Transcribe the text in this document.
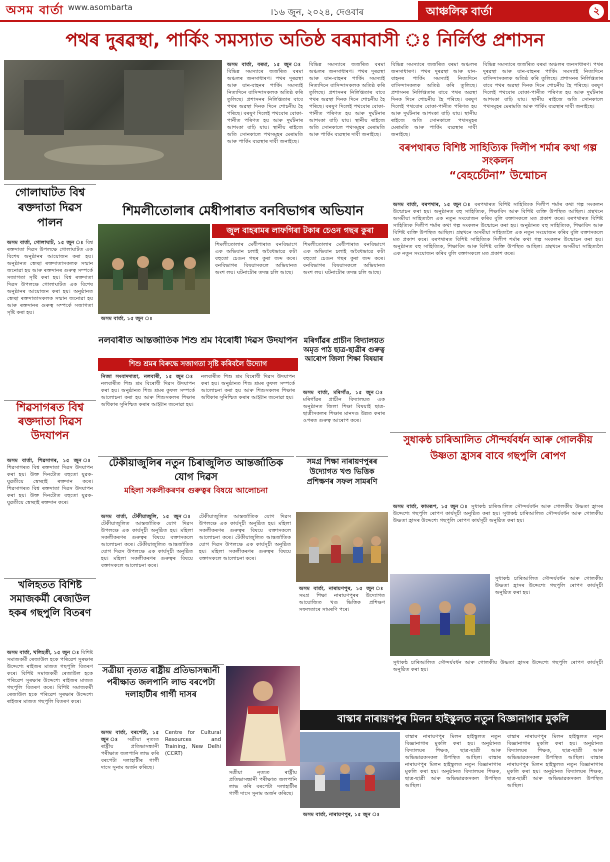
অসম বাৰ্তা www.asombarta
।১৬ জুন, ২০২৪, দেওবাৰ	আঞ্চলিক বাৰ্তা	২
পথৰ দুৰৱস্থা, পাৰ্কিং সমস্যাত অতিষ্ঠ বৰমাবাসী ঃ নিৰ্লিপ্ত প্ৰশাসন
অসম বাৰ্তা, বৰমা, ১৫ জুন ঃ বিভিন্ন সমস্যাৰে জৰ্জৰিত বৰমা অঞ্চলৰ জনসাধাৰণ। পথৰ দুৰৱস্থা আৰু যান-বাহনৰ পাৰ্কিং সমস্যাই নিত্যদিনে বাসিন্দাসকলক অতিষ্ঠ কৰি তুলিছে। প্ৰশাসনৰ নিৰ্লিপ্ততাৰ বাবে পথৰ অৱস্থা দিনক দিনে শোচনীয় হৈ পৰিছে। বৰষুণ দিলেই পথবোৰ বোকা-পানীত পৰিণত হয় আৰু দুৰ্ঘটনাৰ আশংকা বাঢ়ি যায়। স্থানীয় ৰাইজে অতি সোনকালে পথসমূহৰ মেৰামতি আৰু পাৰ্কিং ব্যৱস্থাৰ দাবী জনাইছে।
বিভিন্ন সমস্যাৰে জৰ্জৰিত বৰমা অঞ্চলৰ জনসাধাৰণ। পথৰ দুৰৱস্থা আৰু যান-বাহনৰ পাৰ্কিং সমস্যাই নিত্যদিনে বাসিন্দাসকলক অতিষ্ঠ কৰি তুলিছে। প্ৰশাসনৰ নিৰ্লিপ্ততাৰ বাবে পথৰ অৱস্থা দিনক দিনে শোচনীয় হৈ পৰিছে। বৰষুণ দিলেই পথবোৰ বোকা-পানীত পৰিণত হয় আৰু দুৰ্ঘটনাৰ আশংকা বাঢ়ি যায়। স্থানীয় ৰাইজে অতি সোনকালে পথসমূহৰ মেৰামতি আৰু পাৰ্কিং ব্যৱস্থাৰ দাবী জনাইছে।
বিভিন্ন সমস্যাৰে জৰ্জৰিত বৰমা অঞ্চলৰ জনসাধাৰণ। পথৰ দুৰৱস্থা আৰু যান-বাহনৰ পাৰ্কিং সমস্যাই নিত্যদিনে বাসিন্দাসকলক অতিষ্ঠ কৰি তুলিছে। প্ৰশাসনৰ নিৰ্লিপ্ততাৰ বাবে পথৰ অৱস্থা দিনক দিনে শোচনীয় হৈ পৰিছে। বৰষুণ দিলেই পথবোৰ বোকা-পানীত পৰিণত হয় আৰু দুৰ্ঘটনাৰ আশংকা বাঢ়ি যায়। স্থানীয় ৰাইজে অতি সোনকালে পথসমূহৰ মেৰামতি আৰু পাৰ্কিং ব্যৱস্থাৰ দাবী জনাইছে।
বিভিন্ন সমস্যাৰে জৰ্জৰিত বৰমা অঞ্চলৰ জনসাধাৰণ। পথৰ দুৰৱস্থা আৰু যান-বাহনৰ পাৰ্কিং সমস্যাই নিত্যদিনে বাসিন্দাসকলক অতিষ্ঠ কৰি তুলিছে। প্ৰশাসনৰ নিৰ্লিপ্ততাৰ বাবে পথৰ অৱস্থা দিনক দিনে শোচনীয় হৈ পৰিছে। বৰষুণ দিলেই পথবোৰ বোকা-পানীত পৰিণত হয় আৰু দুৰ্ঘটনাৰ আশংকা বাঢ়ি যায়। স্থানীয় ৰাইজে অতি সোনকালে পথসমূহৰ মেৰামতি আৰু পাৰ্কিং ব্যৱস্থাৰ দাবী জনাইছে।
বৰপথাৰত বিশিষ্ট সাহিত্যিক দিলীপ শৰ্মাৰ কথা গল্প সংকলন
“বেহৰ্চেটনা” উন্মোচন
অসম বাৰ্তা, বৰপথাৰ, ১৫ জুন ঃ বৰপথাৰত বিশিষ্ট সাহিত্যিক দিলীপ শৰ্মাৰ কথা গল্প সংকলন উন্মোচন কৰা হয়। অনুষ্ঠানত বহু সাহিত্যিক, শিক্ষাবিদ আৰু বিশিষ্ট ব্যক্তি উপস্থিত আছিল। গ্ৰন্থখনে অসমীয়া সাহিত্যলৈ এক নতুন সংযোজন কৰিব বুলি বক্তাসকলে মত প্ৰকাশ কৰে। বৰপথাৰত বিশিষ্ট সাহিত্যিক দিলীপ শৰ্মাৰ কথা গল্প সংকলন উন্মোচন কৰা হয়। অনুষ্ঠানত বহু সাহিত্যিক, শিক্ষাবিদ আৰু বিশিষ্ট ব্যক্তি উপস্থিত আছিল। গ্ৰন্থখনে অসমীয়া সাহিত্যলৈ এক নতুন সংযোজন কৰিব বুলি বক্তাসকলে মত প্ৰকাশ কৰে। বৰপথাৰত বিশিষ্ট সাহিত্যিক দিলীপ শৰ্মাৰ কথা গল্প সংকলন উন্মোচন কৰা হয়। অনুষ্ঠানত বহু সাহিত্যিক, শিক্ষাবিদ আৰু বিশিষ্ট ব্যক্তি উপস্থিত আছিল। গ্ৰন্থখনে অসমীয়া সাহিত্যলৈ এক নতুন সংযোজন কৰিব বুলি বক্তাসকলে মত প্ৰকাশ কৰে।
গোলাঘাটত বিশ্ব ৰক্তদাতা দিৱস পালন
অসম বাৰ্তা, গোলাঘাট, ১৫ জুন ঃ বিশ্ব ৰক্তদাতা দিৱস উপলক্ষে গোলাঘাটত এক বিশেষ অনুষ্ঠানৰ আয়োজন কৰা হয়। অনুষ্ঠানত স্বেচ্ছা ৰক্তদাতাসকলক সন্মান জনোৱা হয় আৰু ৰক্তদানৰ গুৰুত্ব সম্পৰ্কে সজাগতা সৃষ্টি কৰা হয়। বিশ্ব ৰক্তদাতা দিৱস উপলক্ষে গোলাঘাটত এক বিশেষ অনুষ্ঠানৰ আয়োজন কৰা হয়। অনুষ্ঠানত স্বেচ্ছা ৰক্তদাতাসকলক সন্মান জনোৱা হয় আৰু ৰক্তদানৰ গুৰুত্ব সম্পৰ্কে সজাগতা সৃষ্টি কৰা হয়।
শিমলীতোলাৰ মেধীপাৰাত বনবিভাগৰ অভিযান
জুল বাহৰামৰ লাফগিৰা টকাৰ চেওন গছৰ কুৰা
অসম বাৰ্তা, ১৫ জুন ঃ
শিমলীতোলাৰ মেধীপাৰাত বনবিভাগে এক অভিযান চলাই অবৈধভাৱে কটা বহুতো চেগুন গছৰ কুৰা জব্দ কৰে। বনবিভাগৰ বিষয়াসকলে অভিযানত অংশ লয়। ঘটনাটোৰ তদন্ত চলি আছে।
শিমলীতোলাৰ মেধীপাৰাত বনবিভাগে এক অভিযান চলাই অবৈধভাৱে কটা বহুতো চেগুন গছৰ কুৰা জব্দ কৰে। বনবিভাগৰ বিষয়াসকলে অভিযানত অংশ লয়। ঘটনাটোৰ তদন্ত চলি আছে।
নলবাৰীত আন্তৰ্জাতিক শিশু শ্ৰম বিৰোধী দিৱস উদযাপন
শিশু শ্ৰমৰ বিৰুদ্ধে সজাগতা সৃষ্টি কৰিবলৈ উদ্যোগ
নিজা সংবাদদাতা, নলবাৰী, ১৫ জুন ঃ নলবাৰীত শিশু শ্ৰম বিৰোধী দিৱস উদযাপন কৰা হয়। অনুষ্ঠানত শিশু শ্ৰমৰ কুফল সম্পৰ্কে আলোচনা কৰা হয় আৰু শিশুসকলৰ শিক্ষাৰ অধিকাৰ সুনিশ্চিত কৰাৰ আহ্বান জনোৱা হয়।
নলবাৰীত শিশু শ্ৰম বিৰোধী দিৱস উদযাপন কৰা হয়। অনুষ্ঠানত শিশু শ্ৰমৰ কুফল সম্পৰ্কে আলোচনা কৰা হয় আৰু শিশুসকলৰ শিক্ষাৰ অধিকাৰ সুনিশ্চিত কৰাৰ আহ্বান জনোৱা হয়।
মৰিগাঁৱৰ প্ৰাচীন বিদ্যালয়ত
অমৃত পাঠ ছাত্ৰ-ছাত্ৰীৰ গুৰুত্ব আৰোপ জিলা শিক্ষা বিষয়াৰ
অসম বাৰ্তা, মৰিগাঁও, ১৫ জুন ঃ মৰিগাঁৱৰ প্ৰাচীন বিদ্যালয়ত এক অনুষ্ঠানত জিলা শিক্ষা বিষয়াই ছাত্ৰ-ছাত্ৰীসকলৰ শিক্ষাৰ মানদণ্ড উন্নত কৰাৰ ওপৰত গুৰুত্ব আৰোপ কৰে।
সুধাকন্ঠ চাৰিআলিত সৌন্দৰ্যবৰ্ধন আৰু গোলকীয় উষ্ণতা হ্ৰাসৰ বাবে গছপুলি ৰোপণ
অসম বাৰ্তা, কামৰূপ, ১৫ জুন ঃ সুধাকন্ঠ চাৰিআলিত সৌন্দৰ্যবৰ্ধন আৰু গোলকীয় উষ্ণতা হ্ৰাসৰ উদ্দেশ্যে গছপুলি ৰোপণ কাৰ্যসূচী অনুষ্ঠিত কৰা হয়। সুধাকন্ঠ চাৰিআলিত সৌন্দৰ্যবৰ্ধন আৰু গোলকীয় উষ্ণতা হ্ৰাসৰ উদ্দেশ্যে গছপুলি ৰোপণ কাৰ্যসূচী অনুষ্ঠিত কৰা হয়।
সুধাকন্ঠ চাৰিআলিত সৌন্দৰ্যবৰ্ধন আৰু গোলকীয় উষ্ণতা হ্ৰাসৰ উদ্দেশ্যে গছপুলি ৰোপণ কাৰ্যসূচী অনুষ্ঠিত কৰা হয়।
শিৱসাগৰত বিশ্ব ৰক্তদাতা দিৱস উদযাপন
অসম বাৰ্তা, শিৱসাগৰ, ১৫ জুন ঃ শিৱসাগৰত বিশ্ব ৰক্তদাতা দিৱস উদযাপন কৰা হয়। উক্ত দিনটোত বহুতো যুৱক-যুৱতীয়ে স্বেচ্ছাই ৰক্তদান কৰে। শিৱসাগৰত বিশ্ব ৰক্তদাতা দিৱস উদযাপন কৰা হয়। উক্ত দিনটোত বহুতো যুৱক-যুৱতীয়ে স্বেচ্ছাই ৰক্তদান কৰে।
টেকীয়াজুলিৰ নতুন চিৰাজুলিত আন্তৰ্জাতিক যোগ দিৱস
মহিলা সকলীকৰণৰ গুৰুত্বৰ বিষয়ে আলোচনা
অসম বাৰ্তা, টেকীয়াজুলি, ১৫ জুন ঃ টেকীয়াজুলিত আন্তৰ্জাতিক যোগ দিৱস উপলক্ষে এক কাৰ্যসূচী অনুষ্ঠিত হয়। মহিলা সকলীকৰণৰ গুৰুত্বৰ বিষয়ে বক্তাসকলে আলোচনা কৰে। টেকীয়াজুলিত আন্তৰ্জাতিক যোগ দিৱস উপলক্ষে এক কাৰ্যসূচী অনুষ্ঠিত হয়। মহিলা সকলীকৰণৰ গুৰুত্বৰ বিষয়ে বক্তাসকলে আলোচনা কৰে।
টেকীয়াজুলিত আন্তৰ্জাতিক যোগ দিৱস উপলক্ষে এক কাৰ্যসূচী অনুষ্ঠিত হয়। মহিলা সকলীকৰণৰ গুৰুত্বৰ বিষয়ে বক্তাসকলে আলোচনা কৰে। টেকীয়াজুলিত আন্তৰ্জাতিক যোগ দিৱস উপলক্ষে এক কাৰ্যসূচী অনুষ্ঠিত হয়। মহিলা সকলীকৰণৰ গুৰুত্বৰ বিষয়ে বক্তাসকলে আলোচনা কৰে।
সমগ্ৰ শিক্ষা নাৰায়ণপুৰৰ উদ্যোগত খণ্ড ভিত্তিক প্ৰশিক্ষণৰ সফল সামৰণি
অসম বাৰ্তা, নাৰায়ণপুৰ, ১৫ জুন ঃ সমগ্ৰ শিক্ষা নাৰায়ণপুৰৰ উদ্যোগত আয়োজিত খণ্ড ভিত্তিক প্ৰশিক্ষণ সফলতাৰে সামৰণি পৰে।
খলিহতত বিশিষ্ট সমাজকৰ্মী ৰেজাউল হকৰ গছপুলি বিতৰণ
অসম বাৰ্তা, খলিহতী, ১৫ জুন ঃ বিশিষ্ট সমাজকৰ্মী ৰেজাউল হকে পৰিৱেশ সুৰক্ষাৰ উদ্দেশ্যে ৰাইজৰ মাজত গছপুলি বিতৰণ কৰে। বিশিষ্ট সমাজকৰ্মী ৰেজাউল হকে পৰিৱেশ সুৰক্ষাৰ উদ্দেশ্যে ৰাইজৰ মাজত গছপুলি বিতৰণ কৰে। বিশিষ্ট সমাজকৰ্মী ৰেজাউল হকে পৰিৱেশ সুৰক্ষাৰ উদ্দেশ্যে ৰাইজৰ মাজত গছপুলি বিতৰণ কৰে।
সুধাকন্ঠ চাৰিআলিত সৌন্দৰ্যবৰ্ধন আৰু গোলকীয় উষ্ণতা হ্ৰাসৰ উদ্দেশ্যে গছপুলি ৰোপণ কাৰ্যসূচী অনুষ্ঠিত কৰা হয়।
সত্ৰীয়া নৃত্যত ৰাষ্ট্ৰীয় প্ৰতিভাসন্ধানী পৰীক্ষাত জলপানি লাভ বৰপেটা দলাহাটীৰ গাৰ্গী দাসৰ
অসম বাৰ্তা, বৰপেটা, ১৫ জুন ঃ সত্ৰীয়া নৃত্যত ৰাষ্ট্ৰীয় প্ৰতিভাসন্ধানী পৰীক্ষাত জলপানি লাভ কৰি বৰপেটা দলাহাটীৰ গাৰ্গী দাসে সুনাম অৰ্জন কৰিছে।
Centre for Cultural Resources and Training, New Delhi (CCRT)
সত্ৰীয়া নৃত্যত ৰাষ্ট্ৰীয় প্ৰতিভাসন্ধানী পৰীক্ষাত জলপানি লাভ কৰি বৰপেটা দলাহাটীৰ গাৰ্গী দাসে সুনাম অৰ্জন কৰিছে।
বাস্কাৰ নাৰায়ণপুৰ মিলন হাইস্কুলত নতুন বিজ্ঞানাগাৰ মুকলি
অসম বাৰ্তা, নাৰায়ণপুৰ, ১৫ জুন ঃ
বাস্কাৰ নাৰায়ণপুৰ মিলন হাইস্কুলত নতুন বিজ্ঞানাগাৰ মুকলি কৰা হয়। অনুষ্ঠানত বিদ্যালয়ৰ শিক্ষক, ছাত্ৰ-ছাত্ৰী আৰু অভিভাৱকসকল উপস্থিত আছিল। বাস্কাৰ নাৰায়ণপুৰ মিলন হাইস্কুলত নতুন বিজ্ঞানাগাৰ মুকলি কৰা হয়। অনুষ্ঠানত বিদ্যালয়ৰ শিক্ষক, ছাত্ৰ-ছাত্ৰী আৰু অভিভাৱকসকল উপস্থিত আছিল।
বাস্কাৰ নাৰায়ণপুৰ মিলন হাইস্কুলত নতুন বিজ্ঞানাগাৰ মুকলি কৰা হয়। অনুষ্ঠানত বিদ্যালয়ৰ শিক্ষক, ছাত্ৰ-ছাত্ৰী আৰু অভিভাৱকসকল উপস্থিত আছিল। বাস্কাৰ নাৰায়ণপুৰ মিলন হাইস্কুলত নতুন বিজ্ঞানাগাৰ মুকলি কৰা হয়। অনুষ্ঠানত বিদ্যালয়ৰ শিক্ষক, ছাত্ৰ-ছাত্ৰী আৰু অভিভাৱকসকল উপস্থিত আছিল।
